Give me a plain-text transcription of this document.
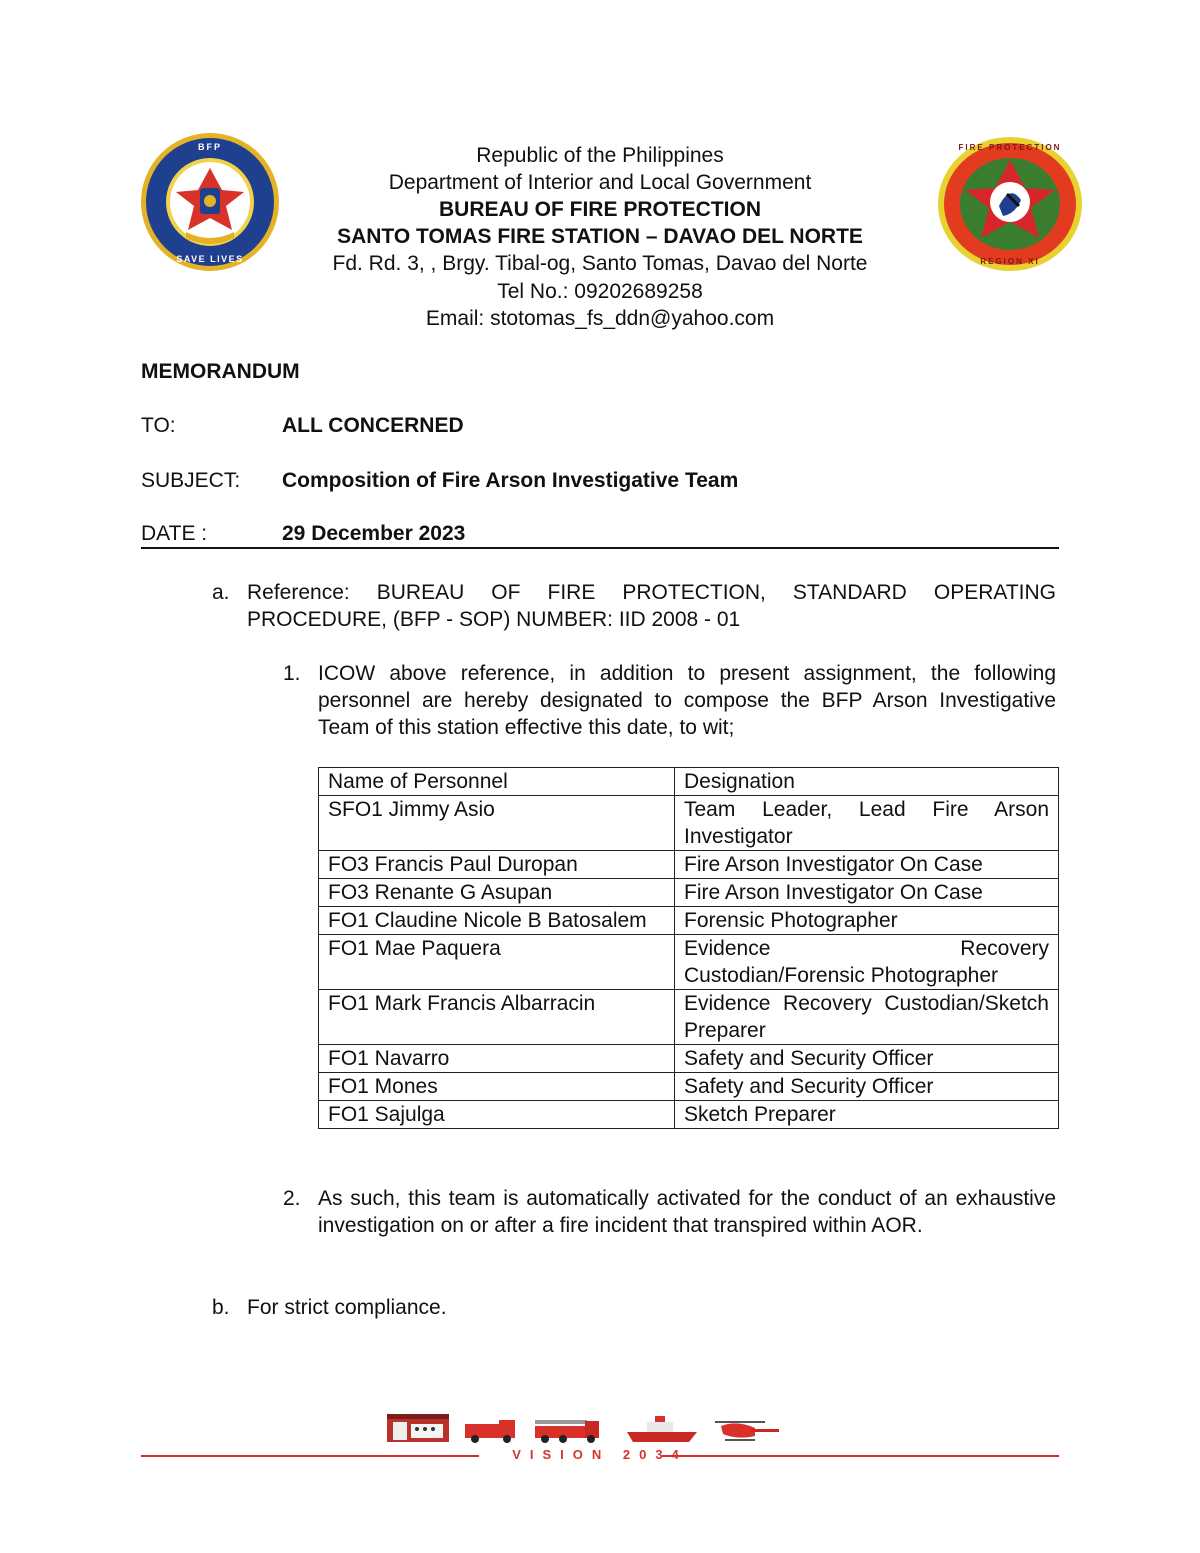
BFP
SAVE LIVES
FIRE PROTECTION
REGION XI
Republic of the Philippines
Department of Interior and Local Government
BUREAU OF FIRE PROTECTION
SANTO TOMAS FIRE STATION – DAVAO DEL NORTE
Fd. Rd. 3, , Brgy. Tibal-og, Santo Tomas, Davao del Norte
Tel No.: 09202689258
Email: stotomas_fs_ddn@yahoo.com
MEMORANDUM
TO:	ALL CONCERNED
SUBJECT: Composition of Fire Arson Investigative Team
DATE :	29 December 2023
a. Reference: BUREAU OF FIRE PROTECTION, STANDARD OPERATING PROCEDURE, (BFP - SOP) NUMBER: IID 2008 - 01
1. ICOW above reference, in addition to present assignment, the following personnel are hereby designated to compose the BFP Arson Investigative Team of this station effective this date, to wit;
Name of Personnel	Designation
SFO1 Jimmy Asio	Team Leader, Lead Fire Arson Investigator
FO3 Francis Paul Duropan	Fire Arson Investigator On Case
FO3 Renante G Asupan	Fire Arson Investigator On Case
FO1 Claudine Nicole B Batosalem	Forensic Photographer
FO1 Mae Paquera	Evidence Recovery Custodian/Forensic Photographer
FO1 Mark Francis Albarracin	Evidence Recovery Custodian/Sketch Preparer
FO1 Navarro	Safety and Security Officer
FO1 Mones	Safety and Security Officer
FO1 Sajulga	Sketch Preparer
2. As such, this team is automatically activated for the conduct of an exhaustive investigation on or after a fire incident that transpired within AOR.
b. For strict compliance.
VISION 2034
